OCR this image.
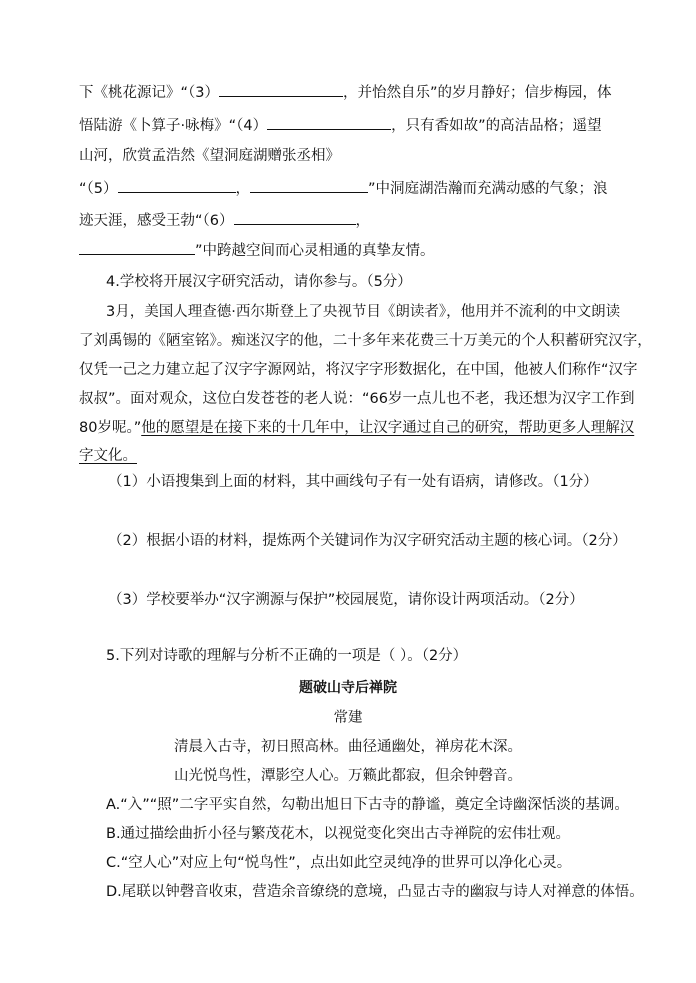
下《桃花源记》“（3）	，并怡然自乐”的岁月静好；信步梅园，体
悟陆游《卜算子·咏梅》“（4）	，只有香如故”的高洁品格；遥望
山河，欣赏孟浩然《望洞庭湖赠张丞相》
“（5）	，	”中洞庭湖浩瀚而充满动感的气象；浪
迹天涯，感受王勃“（6）	，
”中跨越空间而心灵相通的真挚友情。
4.学校将开展汉字研究活动，请你参与。（5分）
3月，美国人理查德·西尔斯登上了央视节目《朗读者》，他用并不流利的中文朗读
了刘禹锡的《陋室铭》。痴迷汉字的他，二十多年来花费三十万美元的个人积蓄研究汉字，
仅凭一己之力建立起了汉字字源网站，将汉字字形数据化，在中国，他被人们称作“汉字
叔叔”。面对观众，这位白发苍苍的老人说：“66岁一点儿也不老，我还想为汉字工作到
80岁呢。”他的愿望是在接下来的十几年中，让汉字通过自己的研究，帮助更多人理解汉
字文化。
（1）小语搜集到上面的材料，其中画线句子有一处有语病，请修改。（1分）
（2）根据小语的材料，提炼两个关键词作为汉字研究活动主题的核心词。（2分）
（3）学校要举办“汉字溯源与保护”校园展览，请你设计两项活动。（2分）
5.下列对诗歌的理解与分析不正确的一项是（ ）。（2分）
题破山寺后禅院
常建
清晨入古寺，初日照高林。曲径通幽处，禅房花木深。
山光悦鸟性，潭影空人心。万籁此都寂，但余钟磬音。
A.“入”“照”二字平实自然，勾勒出旭日下古寺的静谧，奠定全诗幽深恬淡的基调。
B.通过描绘曲折小径与繁茂花木，以视觉变化突出古寺禅院的宏伟壮观。
C.“空人心”对应上句“悦鸟性”，点出如此空灵纯净的世界可以净化心灵。
D.尾联以钟磬音收束，营造余音缭绕的意境，凸显古寺的幽寂与诗人对禅意的体悟。
